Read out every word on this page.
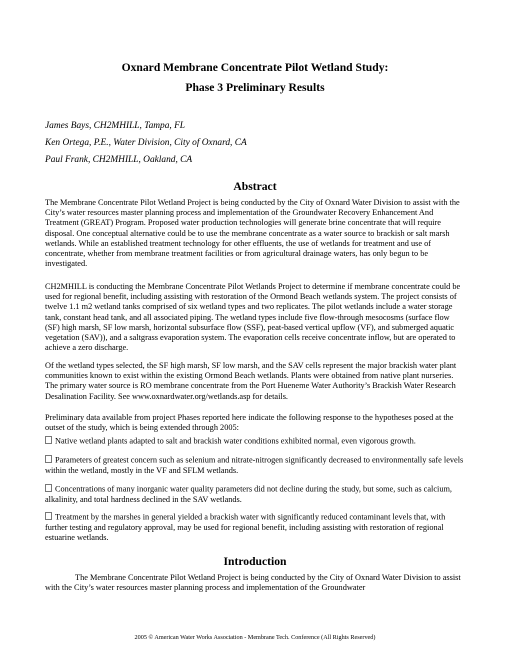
Oxnard Membrane Concentrate Pilot Wetland Study:

Phase 3 Preliminary Results

James Bays, CH2MHILL, Tampa, FL

Ken Ortega, P.E., Water Division, City of Oxnard, CA

Paul Frank, CH2MHILL, Oakland, CA

Abstract

The Membrane Concentrate Pilot Wetland Project is being conducted by the City of Oxnard Water Division to assist with the City’s water resources master planning process and implementation of the Groundwater Recovery Enhancement And Treatment (GREAT) Program. Proposed water production technologies will generate brine concentrate that will require disposal. One conceptual alternative could be to use the membrane concentrate as a water source to brackish or salt marsh wetlands. While an established treatment technology for other effluents, the use of wetlands for treatment and use of concentrate, whether from membrane treatment facilities or from agricultural drainage waters, has only begun to be investigated.

CH2MHILL is conducting the Membrane Concentrate Pilot Wetlands Project to determine if membrane concentrate could be used for regional benefit, including assisting with restoration of the Ormond Beach wetlands system. The project consists of twelve 1.1 m2 wetland tanks comprised of six wetland types and two replicates. The pilot wetlands include a water storage tank, constant head tank, and all associated piping. The wetland types include five flow-through mesocosms (surface flow (SF) high marsh, SF low marsh, horizontal subsurface flow (SSF), peat-based vertical upflow (VF), and submerged aquatic vegetation (SAV)), and a saltgrass evaporation system. The evaporation cells receive concentrate inflow, but are operated to achieve a zero discharge.

Of the wetland types selected, the SF high marsh, SF low marsh, and the SAV cells represent the major brackish water plant communities known to exist within the existing Ormond Beach wetlands. Plants were obtained from native plant nurseries. The primary water source is RO membrane concentrate from the Port Hueneme Water Authority’s Brackish Water Research Desalination Facility. See www.oxnardwater.org/wetlands.asp for details.

Preliminary data available from project Phases reported here indicate the following response to the hypotheses posed at the outset of the study, which is being extended through 2005:

Native wetland plants adapted to salt and brackish water conditions exhibited normal, even vigorous growth.

Parameters of greatest concern such as selenium and nitrate-nitrogen significantly decreased to environmentally safe levels within the wetland, mostly in the VF and SFLM wetlands.

Concentrations of many inorganic water quality parameters did not decline during the study, but some, such as calcium, alkalinity, and total hardness declined in the SAV wetlands.

Treatment by the marshes in general yielded a brackish water with significantly reduced contaminant levels that, with further testing and regulatory approval, may be used for regional benefit, including assisting with restoration of regional estuarine wetlands.

Introduction

The Membrane Concentrate Pilot Wetland Project is being conducted by the City of Oxnard Water Division to assist with the City’s water resources master planning process and implementation of the Groundwater

2005 © American Water Works Association - Membrane Tech. Conference (All Rights Reserved)
